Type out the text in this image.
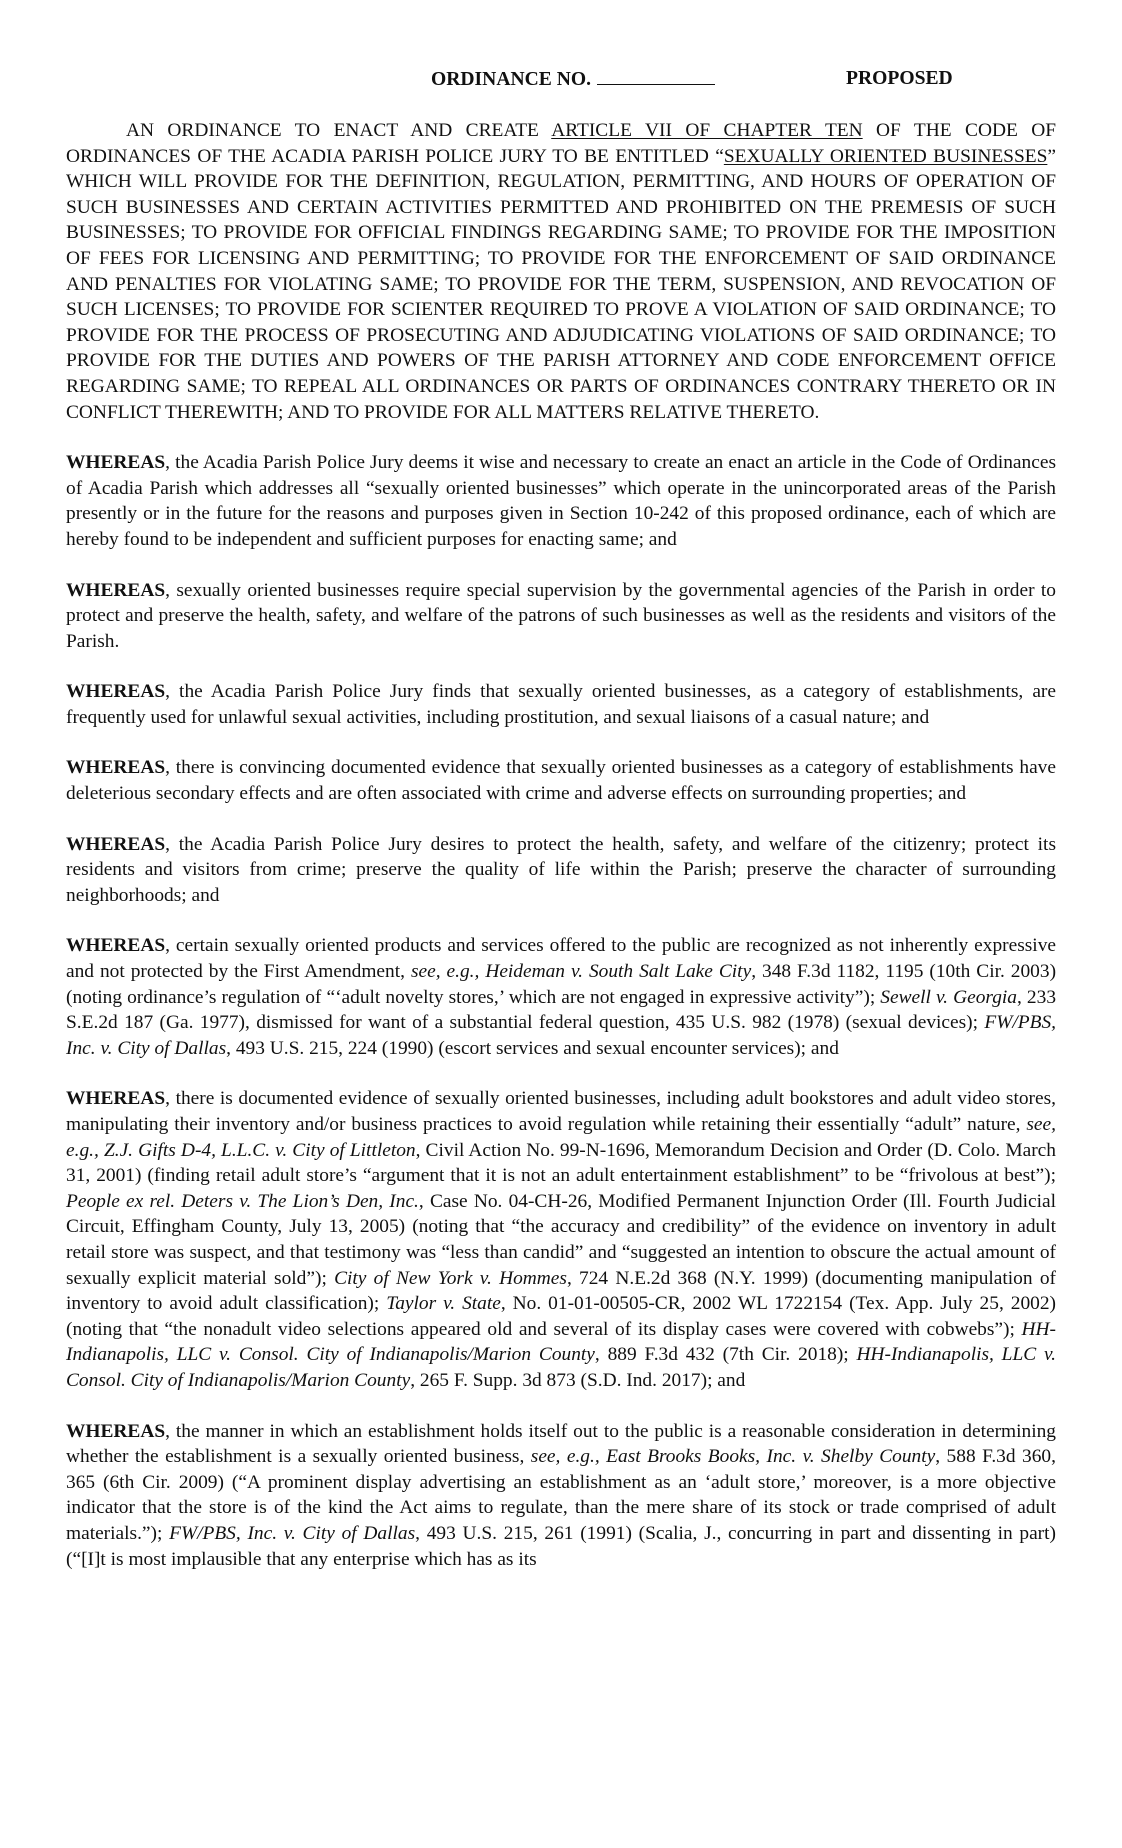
ORDINANCE NO.	PROPOSED
AN ORDINANCE TO ENACT AND CREATE ARTICLE VII OF CHAPTER TEN OF THE CODE OF ORDINANCES OF THE ACADIA PARISH POLICE JURY TO BE ENTITLED “SEXUALLY ORIENTED BUSINESSES” WHICH WILL PROVIDE FOR THE DEFINITION, REGULATION, PERMITTING, AND HOURS OF OPERATION OF SUCH BUSINESSES AND CERTAIN ACTIVITIES PERMITTED AND PROHIBITED ON THE PREMESIS OF SUCH BUSINESSES; TO PROVIDE FOR OFFICIAL FINDINGS REGARDING SAME; TO PROVIDE FOR THE IMPOSITION OF FEES FOR LICENSING AND PERMITTING; TO PROVIDE FOR THE ENFORCEMENT OF SAID ORDINANCE AND PENALTIES FOR VIOLATING SAME; TO PROVIDE FOR THE TERM, SUSPENSION, AND REVOCATION OF SUCH LICENSES; TO PROVIDE FOR SCIENTER REQUIRED TO PROVE A VIOLATION OF SAID ORDINANCE; TO PROVIDE FOR THE PROCESS OF PROSECUTING AND ADJUDICATING VIOLATIONS OF SAID ORDINANCE; TO PROVIDE FOR THE DUTIES AND POWERS OF THE PARISH ATTORNEY AND CODE ENFORCEMENT OFFICE REGARDING SAME; TO REPEAL ALL ORDINANCES OR PARTS OF ORDINANCES CONTRARY THERETO OR IN CONFLICT THEREWITH; AND TO PROVIDE FOR ALL MATTERS RELATIVE THERETO.
WHEREAS, the Acadia Parish Police Jury deems it wise and necessary to create an enact an article in the Code of Ordinances of Acadia Parish which addresses all “sexually oriented businesses” which operate in the unincorporated areas of the Parish presently or in the future for the reasons and purposes given in Section 10-242 of this proposed ordinance, each of which are hereby found to be independent and sufficient purposes for enacting same; and
WHEREAS, sexually oriented businesses require special supervision by the governmental agencies of the Parish in order to protect and preserve the health, safety, and welfare of the patrons of such businesses as well as the residents and visitors of the Parish.
WHEREAS, the Acadia Parish Police Jury finds that sexually oriented businesses, as a category of establishments, are frequently used for unlawful sexual activities, including prostitution, and sexual liaisons of a casual nature; and
WHEREAS, there is convincing documented evidence that sexually oriented businesses as a category of establishments have deleterious secondary effects and are often associated with crime and adverse effects on surrounding properties; and
WHEREAS, the Acadia Parish Police Jury desires to protect the health, safety, and welfare of the citizenry; protect its residents and visitors from crime; preserve the quality of life within the Parish; preserve the character of surrounding neighborhoods; and
WHEREAS, certain sexually oriented products and services offered to the public are recognized as not inherently expressive and not protected by the First Amendment, see, e.g., Heideman v. South Salt Lake City, 348 F.3d 1182, 1195 (10th Cir. 2003) (noting ordinance’s regulation of “‘adult novelty stores,’ which are not engaged in expressive activity”); Sewell v. Georgia, 233 S.E.2d 187 (Ga. 1977), dismissed for want of a substantial federal question, 435 U.S. 982 (1978) (sexual devices); FW/PBS, Inc. v. City of Dallas, 493 U.S. 215, 224 (1990) (escort services and sexual encounter services); and
WHEREAS, there is documented evidence of sexually oriented businesses, including adult bookstores and adult video stores, manipulating their inventory and/or business practices to avoid regulation while retaining their essentially “adult” nature, see, e.g., Z.J. Gifts D-4, L.L.C. v. City of Littleton, Civil Action No. 99-N-1696, Memorandum Decision and Order (D. Colo. March 31, 2001) (finding retail adult store’s “argument that it is not an adult entertainment establishment” to be “frivolous at best”); People ex rel. Deters v. The Lion’s Den, Inc., Case No. 04-CH-26, Modified Permanent Injunction Order (Ill. Fourth Judicial Circuit, Effingham County, July 13, 2005) (noting that “the accuracy and credibility” of the evidence on inventory in adult retail store was suspect, and that testimony was “less than candid” and “suggested an intention to obscure the actual amount of sexually explicit material sold”); City of New York v. Hommes, 724 N.E.2d 368 (N.Y. 1999) (documenting manipulation of inventory to avoid adult classification); Taylor v. State, No. 01-01-00505-CR, 2002 WL 1722154 (Tex. App. July 25, 2002) (noting that “the nonadult video selections appeared old and several of its display cases were covered with cobwebs”); HH-Indianapolis, LLC v. Consol. City of Indianapolis/Marion County, 889 F.3d 432 (7th Cir. 2018); HH-Indianapolis, LLC v. Consol. City of Indianapolis/Marion County, 265 F. Supp. 3d 873 (S.D. Ind. 2017); and
WHEREAS, the manner in which an establishment holds itself out to the public is a reasonable consideration in determining whether the establishment is a sexually oriented business, see, e.g., East Brooks Books, Inc. v. Shelby County, 588 F.3d 360, 365 (6th Cir. 2009) (“A prominent display advertising an establishment as an ‘adult store,’ moreover, is a more objective indicator that the store is of the kind the Act aims to regulate, than the mere share of its stock or trade comprised of adult materials.”); FW/PBS, Inc. v. City of Dallas, 493 U.S. 215, 261 (1991) (Scalia, J., concurring in part and dissenting in part) (“[I]t is most implausible that any enterprise which has as its
